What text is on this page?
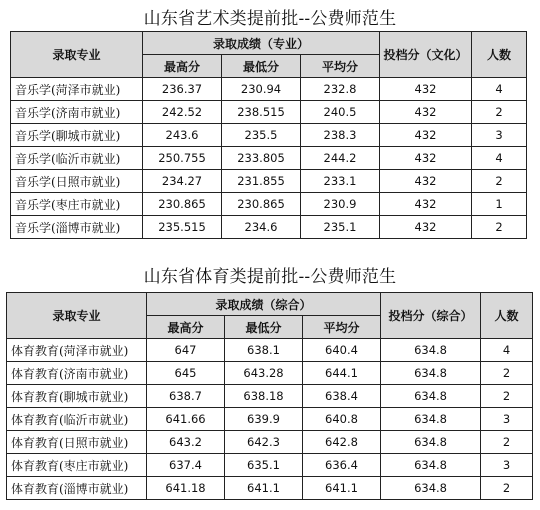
山东省艺术类提前批--公费师范生
录取专业	录取成绩（专业）			投档分（文化）	人数
	最高分	最低分	平均分		
音乐学(菏泽市就业)	236.37	230.94	232.8	432	4
音乐学(济南市就业)	242.52	238.515	240.5	432	2
音乐学(聊城市就业)	243.6	235.5	238.3	432	3
音乐学(临沂市就业)	250.755	233.805	244.2	432	4
音乐学(日照市就业)	234.27	231.855	233.1	432	2
音乐学(枣庄市就业)	230.865	230.865	230.9	432	1
音乐学(淄博市就业)	235.515	234.6	235.1	432	2
山东省体育类提前批--公费师范生
录取专业	录取成绩（综合）			投档分（综合）	人数
	最高分	最低分	平均分		
体育教育(菏泽市就业)	647	638.1	640.4	634.8	4
体育教育(济南市就业)	645	643.28	644.1	634.8	2
体育教育(聊城市就业)	638.7	638.18	638.4	634.8	2
体育教育(临沂市就业)	641.66	639.9	640.8	634.8	3
体育教育(日照市就业)	643.2	642.3	642.8	634.8	2
体育教育(枣庄市就业)	637.4	635.1	636.4	634.8	3
体育教育(淄博市就业)	641.18	641.1	641.1	634.8	2
